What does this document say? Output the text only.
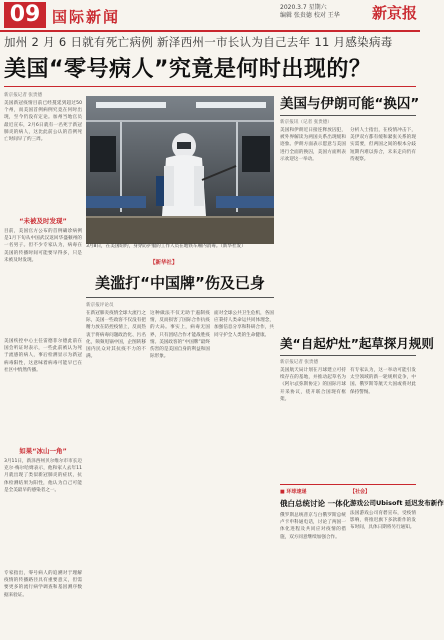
09 国际新闻
2020.3.7 星期六
编辑 张贵德 校对 王华 新京报
加州 2 月 6 日就有死亡病例 新泽西州一市长认为自己去年 11 月感染病毒
美国“零号病人”究竟是何时出现的？
新京报记者 张贵德
美国新冠疫情目前已经蔓延到超过50个州，而美国首例病例究竟在何时出现，至今仍没有定论。加州当地官员最近宣布，2月6日就有一名死于新冠肺炎的病人，这比此前公认的首例死亡时间早了约三周。
“未被及时发现”
目前，美国官方公布的首例确诊病例是1月下旬从中国武汉返回华盛顿州的一名男子。但不少专家认为，病毒在美国的传播时间可能要早得多，只是未被及时发现。
美国疾控中心主任雷德菲尔德此前在国会听证时表示，一些此前被认为死于流感的病人，事后检测显示为新冠病毒阳性，这意味着病毒可能早已在社区中悄然传播。
如果“冰山一角”
3月11日，新泽西州贝尔维尔市市长迈克尔·梅尔哈姆表示，他和家人去年11月就出现了类似新冠肺炎的症状，抗体检测结果为阳性，他认为自己可能是全美最早的感染者之一。
专家指出，零号病人的追溯对于理解疫情的传播路径具有重要意义，但需要更多的流行病学调查和基因测序数据来验证。
3月8日，在美国纽约，身穿防护服的工作人员在地铁车厢内消毒。（新华社发）
【新华社】
美滥打“中国牌”伤及已身
新京报评论员
在新冠肺炎疫情全球大流行之际，美国一些政客不仅没有把精力放在防控疫情上，反而热衷于将病毒问题政治化、污名化，频频甩锅中国，企图转移国内民众对其抗疫不力的不满。
这种做法不仅无助于遏制疫情，反而损害了国际合作抗疫的大局。事实上，病毒无国界，只有团结合作才能战胜疫情。美国政客的“中国牌”最终伤害的是美国自身的利益和国际形象。
面对全球公共卫生危机，各国应秉持人类命运共同体理念，加强信息分享和科研合作，共同守护全人类的生命健康。
美国与伊朗可能“换囚”
新京报讯（记者 张贵德）
美国和伊朗近日接连释放囚犯，被外界解读为两国关系出现缓和迹象。伊朗方面表示愿意与美国进行全面的换囚，美国方面则表示欢迎这一举动。
分析人士指出，在疫情冲击下，美伊双方都有缓和紧张关系的现实需要，但两国之间的根本分歧短期内难以弥合，未来走向仍有待观察。
美“自起炉灶”起草探月规则
新京报记者 张贵德
美国航天局计划在月球建立可持续存在的基地，并推动起草名为《阿尔忒弥斯协定》的国际月球开采协议，绕开联合国现有框架。
有专家认为，这一举动可能引发太空领域的新一轮规则竞争，中国、俄罗斯等航天大国或将对此保持警惕。
■ 环球速递
俄白总统讨论 一体化
俄罗斯总统普京与白俄罗斯总统卢卡申科通电话，讨论了两国一体化进程及共同应对疫情的措施，双方同意继续加强合作。
【社会】
游戏公司Ubisoft 延迟发布新作
法国游戏公司育碧宣布，受疫情影响，将推迟旗下多款新作的发布时间，具体日期将另行通知。
